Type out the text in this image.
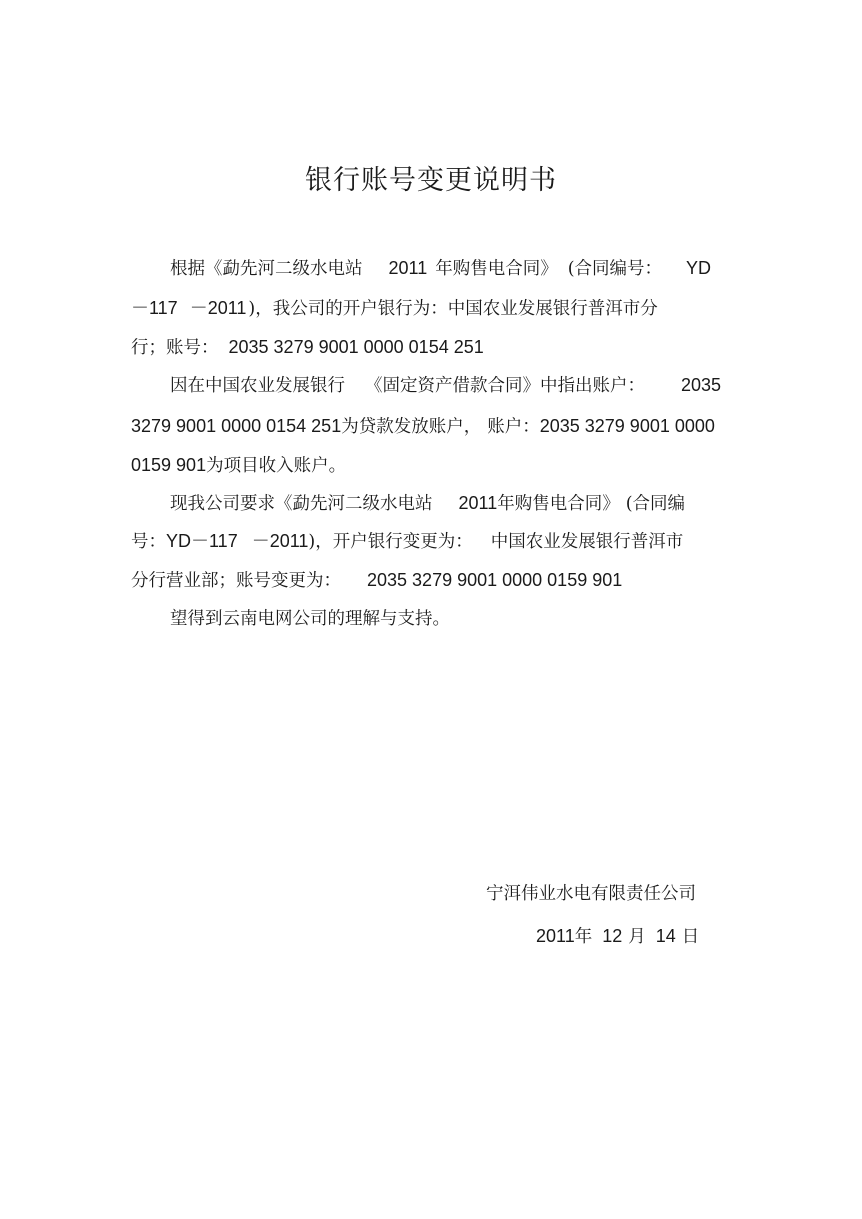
银行账号变更说明书
根据《勐先河二级水电站 2011 年购售电合同》 (合同编号： YD
－117 －2011 )，我公司的开户银行为：中国农业发展银行普洱市分
行；账号： 2035 3279 9001 0000 0154 251
因在中国农业发展银行 《固定资产借款合同》中指出账户： 2035
3279 9001 0000 0154 251为贷款发放账户， 账户：2035 3279 9001 0000
0159 901为项目收入账户。
现我公司要求《勐先河二级水电站 2011年购售电合同》 (合同编
号：YD－117 －2011)，开户银行变更为： 中国农业发展银行普洱市
分行营业部；账号变更为： 2035 3279 9001 0000 0159 901
望得到云南电网公司的理解与支持。
宁洱伟业水电有限责任公司
2011年 12 月 14 日
